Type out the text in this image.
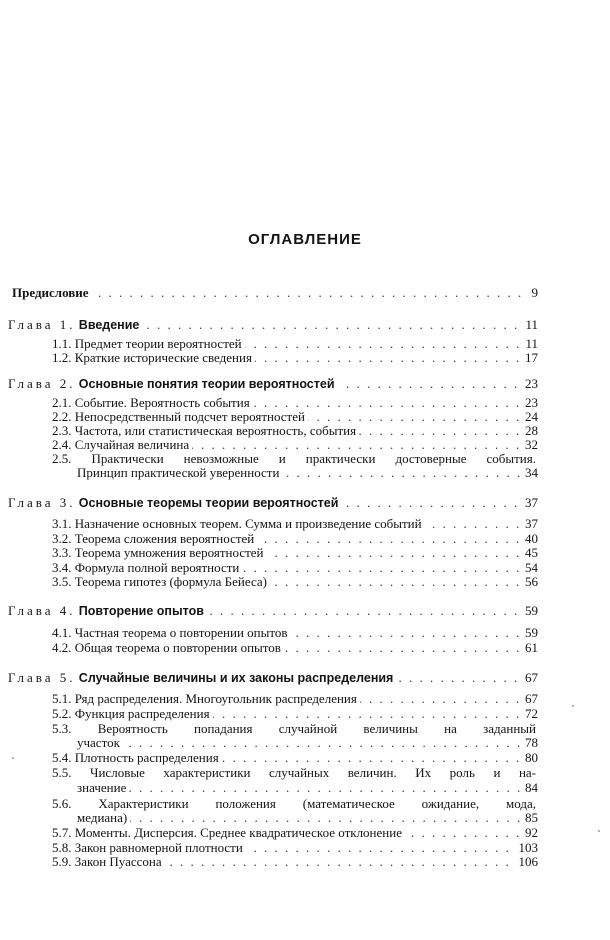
ОГЛАВЛЕНИЕ
. . .
Предисловие	9
. . .
Глава 1. Введение	11
. . .
1.1. Предмет теории вероятностей	11
. . .
1.2. Краткие исторические сведения	17
. . .
Глава 2. Основные понятия теории вероятностей	23
. . .
2.1. Событие. Вероятность события	23
. . .
2.2. Непосредственный подсчет вероятностей	24
. . .
2.3. Частота, или статистическая вероятность, события	28
. . .
2.4. Случайная величина	32
2.5. Практически невозможные и практически достоверные события.
. . .
Принцип практической уверенности	34
. . .
Глава 3. Основные теоремы теории вероятностей	37
. . .
3.1. Назначение основных теорем. Сумма и произведение событий	37
. . .
3.2. Теорема сложения вероятностей	40
. . .
3.3. Теорема умножения вероятностей	45
. . .
3.4. Формула полной вероятности	54
. . .
3.5. Теорема гипотез (формула Бейеса)	56
. . .
Глава 4. Повторение опытов	59
. . .
4.1. Частная теорема о повторении опытов	59
. . .
4.2. Общая теорема о повторении опытов	61
. . .
Глава 5. Случайные величины и их законы распределения	67
. . .
5.1. Ряд распределения. Многоугольник распределения	67
. . .
5.2. Функция распределения	72
5.3. Вероятность попадания случайной величины на заданный
. . .
участок	78
. . .
5.4. Плотность распределения	80
5.5. Числовые характеристики случайных величин. Их роль и на-
. . .
значение	84
5.6. Характеристики положения (математическое ожидание, мода,
. . .
медиана)	85
. . .
5.7. Моменты. Дисперсия. Среднее квадратическое отклонение	92
. . .
5.8. Закон равномерной плотности	103
. . .
5.9. Закон Пуассона	106
